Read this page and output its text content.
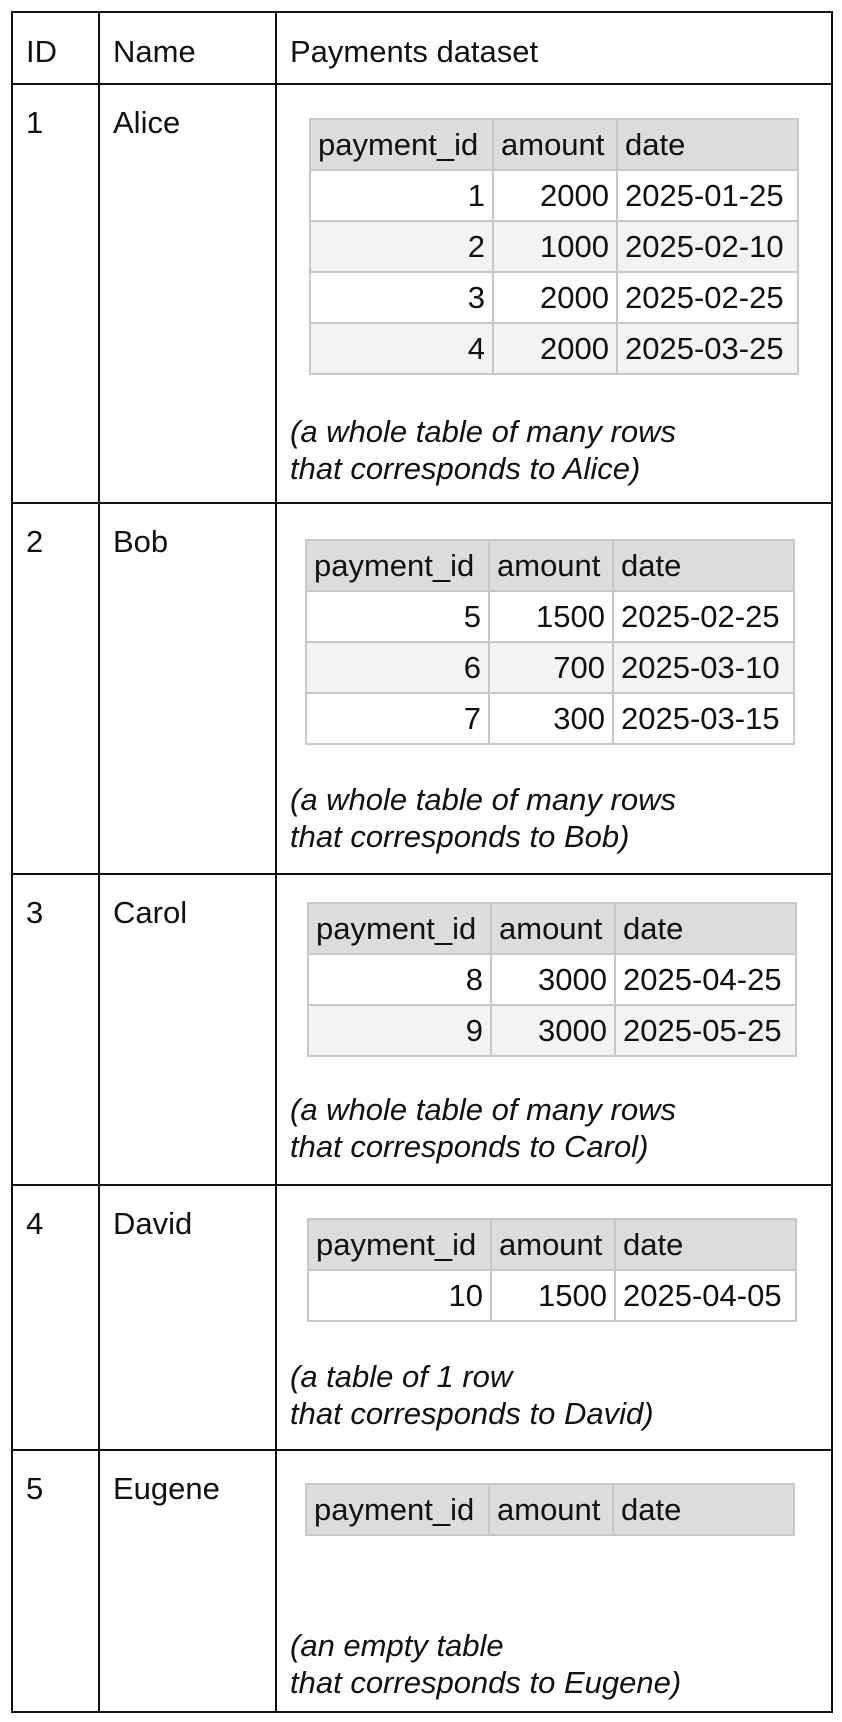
ID Name	Payments dataset
1 Alice
payment_id	amount	date
1	2000	2025-01-25
2	1000	2025-02-10
3	2000	2025-02-25
4	2000	2025-03-25
(a whole table of many rows
that corresponds to Alice)
2 Bob
payment_id	amount	date
5	1500	2025-02-25
6	700	2025-03-10
7	300	2025-03-15
(a whole table of many rows
that corresponds to Bob)
3 Carol	payment_id	amount	date
8	3000	2025-04-25
9	3000	2025-05-25
(a whole table of many rows
that corresponds to Carol)
4 David
payment_id	amount	date
10	1500	2025-04-05
(a table of 1 row
that corresponds to David)
5 Eugene
payment_id	amount	date
(an empty table
that corresponds to Eugene)
